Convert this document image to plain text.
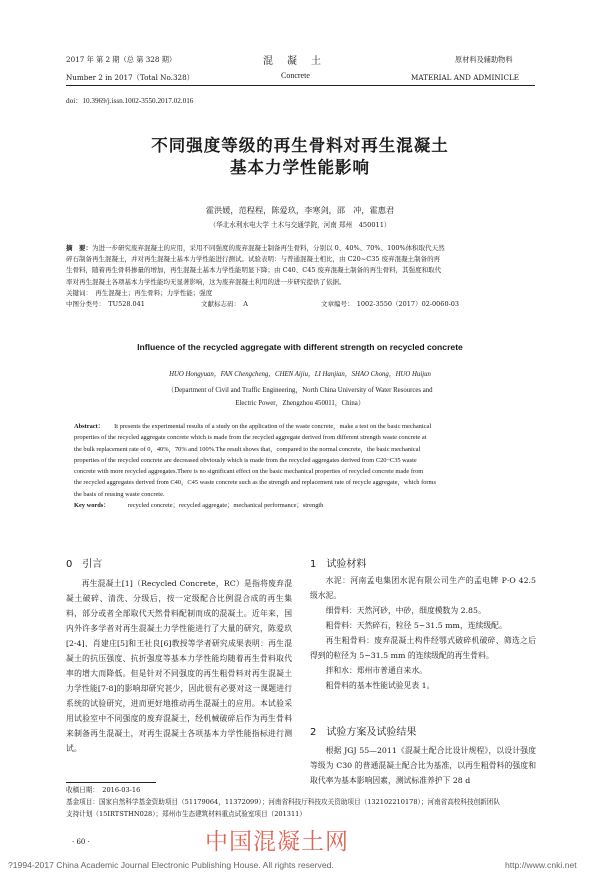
2017 年 第 2 期（总 第 328 期）
Number 2 in 2017（Total No.328）
混　凝　土
Concrete
原材料及辅助物料
MATERIAL AND ADMINICLE
doi：10.3969/j.issn.1002-3550.2017.02.016
不同强度等级的再生骨料对再生混凝土
基本力学性能影响
霍洪媛，范程程，陈爱玖，李寒剑，邵　冲，霍惠君
（华北水利水电大学 土木与交通学院，河南 郑州　450011）
摘　要：为进一步研究废弃混凝土的应用，采用不同强度的废弃混凝土制备再生骨料，分别以 0、40%、70%、100%体积取代天然
碎石制备再生混凝土，并对再生混凝土基本力学性能进行测试。试验表明：与普通混凝土相比，由 C20~C35 废弃混凝土制备的再
生骨料，随着再生骨料掺量的增加，再生混凝土基本力学性能明显下降；由 C40、C45 废弃混凝土制备的再生骨料，其强度和取代
率对再生混凝土各项基本力学性能均无显著影响，这为废弃混凝土利用的进一步研究提供了依据。
关键词：　再生混凝土；再生骨料；力学性能；强度
中图分类号：　TU528.041	文献标志码：　A	文章编号：　1002-3550（2017）02-0060-03
Influence of the recycled aggregate with different strength on recycled concrete
HUO Hongyuan，FAN Chengcheng，CHEN Aijiu，LI Hanjian，SHAO Chong，HUO Huijun
（Department of Civil and Traffic Engineering，North China University of Water Resources and
Electric Power，Zhengzhou 450011，China）
Abstract： It presents the experimental results of a study on the application of the waste concrete，make a test on the basic mechanical
properties of the recycled aggregate concrete which is made from the recycled aggregate derived from different strength waste concrete at
the bulk replacement rate of 0，40%，70% and 100%.The result shows that，compared to the normal concrete，the basic mechanical
properties of the recycled concrete are decreased obviously which is made from the recycled aggregates derived from C20~C35 waste
concrete with more recycled aggregates.There is no significant effect on the basic mechanical properties of recycled concrete made from
the recycled aggregates derived from C40，C45 waste concrete such as the strength and replacement rate of recycle aggregate，which forms
the basis of reusing waste concrete.
Key words：	recycled concrete；recycled aggregate；mechanical performance；strength
0　引言

再生混凝土[1]（Recycled Concrete，RC）是指将废弃混凝土破碎、清洗、分级后，按一定级配合比例混合成的再生集料，部分或者全部取代天然骨料配制而成的混凝土。近年来，国内外许多学者对再生混凝土力学性能进行了大量的研究，陈爱玖[2-4]、肖建庄[5]和王社良[6]教授等学者研究成果表明：再生混凝土的抗压强度、抗折强度等基本力学性能均随着再生骨料取代率的增大而降低。但是针对不同强度的再生粗骨料对再生混凝土力学性能[7-8]的影响却研究甚少，因此很有必要对这一课题进行系统的试验研究，进而更好地推动再生混凝土的应用。本试验采用试验室中不同强度的废弃混凝土，经机械破碎后作为再生骨料来制备再生混凝土，对再生混凝土各项基本力学性能指标进行测试。

1　试验材料

水泥：河南孟电集团水泥有限公司生产的孟电牌 P·O 42.5 级水泥。

细骨料：天然河砂，中砂，细度模数为 2.85。

粗骨料：天然碎石，粒径 5~31.5 mm，连续级配。

再生粗骨料：废弃混凝土构件经鄂式破碎机破碎、筛选之后得到的粒径为 5~31.5 mm 的连续级配的再生骨料。

拌和水：郑州市普通自来水。

粗骨料的基本性能试验见表 1。

2　试验方案及试验结果

根据 JGJ 55—2011《混凝土配合比设计规程》，以设计强度等级为 C30 的普通混凝土配合比为基准，以再生粗骨料的强度和取代率为基本影响因素，测试标准养护下 28 d

收稿日期：　2016-03-16
基金项目：国家自然科学基金资助项目（51179064，11372099）；河南省科技厅科技攻关资助项目（132102210178）；河南省高校科技创新团队
支持计划（15IRTSTHN028）；郑州市生态建筑材料重点试验室项目（201311）
· 60 ·	中国混凝土网
?1994-2017 China Academic Journal Electronic Publishing House. All rights reserved.	http://www.cnki.net
